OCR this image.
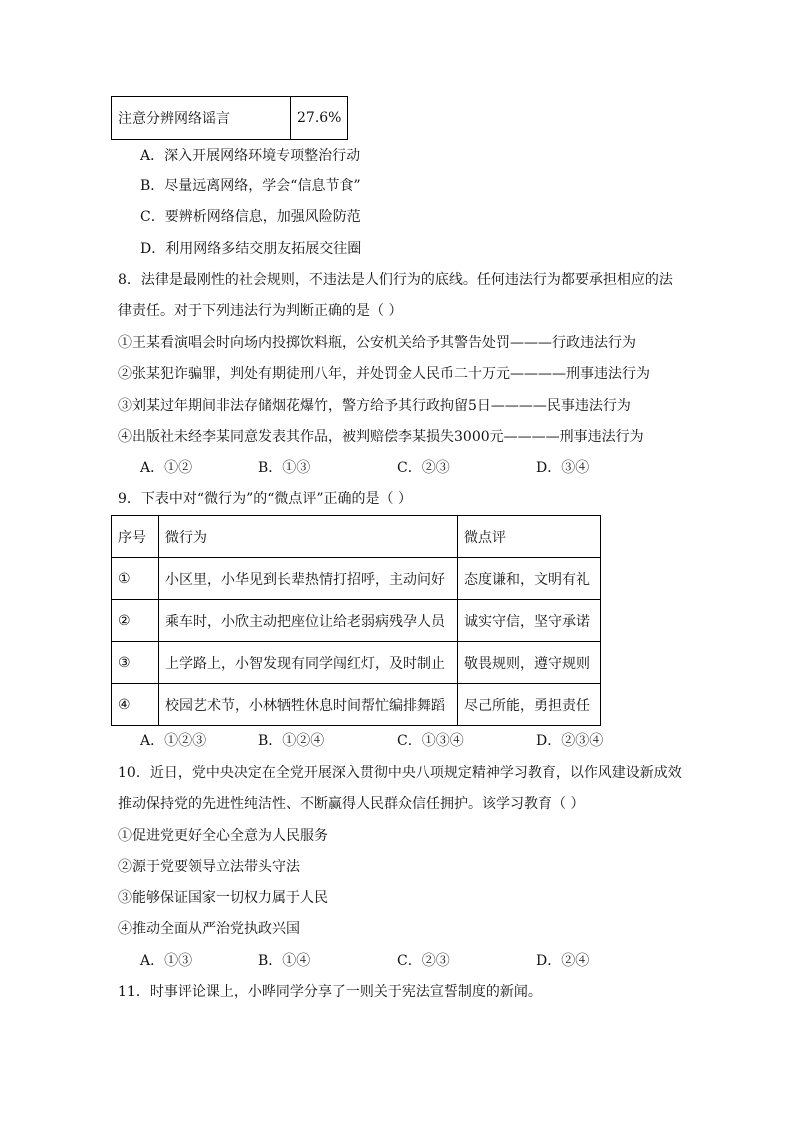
注意分辨网络谣言	27.6%
A．深入开展网络环境专项整治行动
B．尽量远离网络，学会“信息节食”
C．要辨析网络信息，加强风险防范
D．利用网络多结交朋友拓展交往圈
8．法律是最刚性的社会规则，不违法是人们行为的底线。任何违法行为都要承担相应的法
律责任。对于下列违法行为判断正确的是（ ）
①王某看演唱会时向场内投掷饮料瓶，公安机关给予其警告处罚———行政违法行为
②张某犯诈骗罪，判处有期徒刑八年，并处罚金人民币二十万元————刑事违法行为
③刘某过年期间非法存储烟花爆竹，警方给予其行政拘留5日————民事违法行为
④出版社未经李某同意发表其作品，被判赔偿李某损失3000元————刑事违法行为
A．①②	B．①③	C．②③	D．③④
9．下表中对“微行为”的“微点评”正确的是（ ）
序号	微行为	微点评
①	小区里，小华见到长辈热情打招呼，主动问好	态度谦和，文明有礼
②	乘车时，小欣主动把座位让给老弱病残孕人员	诚实守信，坚守承诺
③	上学路上，小智发现有同学闯红灯，及时制止	敬畏规则，遵守规则
④	校园艺术节，小林牺牲休息时间帮忙编排舞蹈	尽己所能，勇担责任
A．①②③	B．①②④	C．①③④	D．②③④
10．近日，党中央决定在全党开展深入贯彻中央八项规定精神学习教育，以作风建设新成效
推动保持党的先进性纯洁性、不断赢得人民群众信任拥护。该学习教育（ ）
①促进党更好全心全意为人民服务
②源于党要领导立法带头守法
③能够保证国家一切权力属于人民
④推动全面从严治党执政兴国
A．①③	B．①④	C．②③	D．②④
11．时事评论课上，小晔同学分享了一则关于宪法宣誓制度的新闻。
